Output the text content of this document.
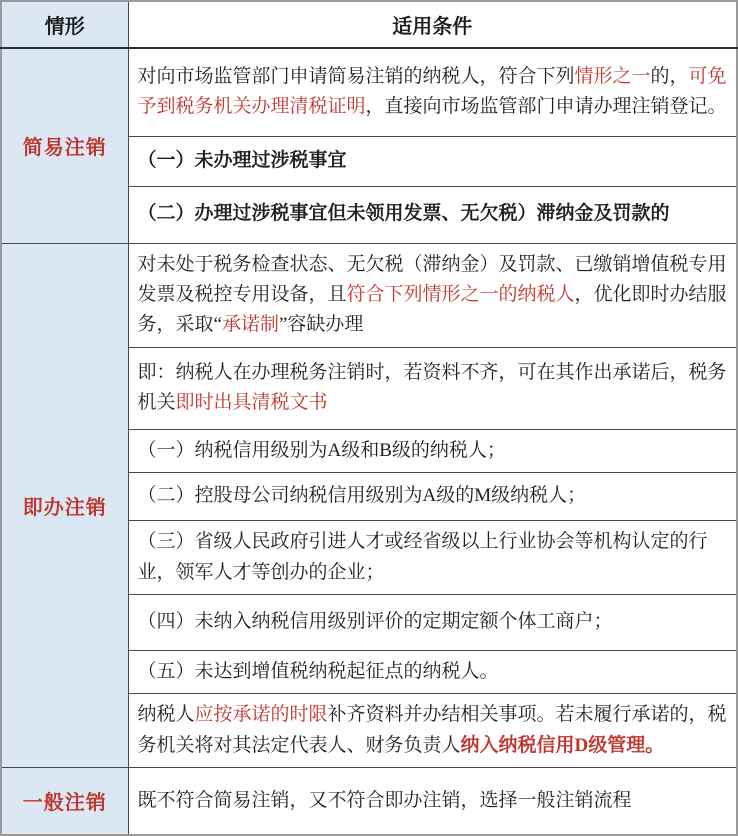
情形	适用条件
简易注销	对向市场监管部门申请简易注销的纳税人，符合下列情形之一的，可免予到税务机关办理清税证明，直接向市场监管部门申请办理注销登记。
	（一）未办理过涉税事宜
	（二）办理过涉税事宜但未领用发票、无欠税）滞纳金及罚款的
即办注销	对未处于税务检查状态、无欠税（滞纳金）及罚款、已缴销增值税专用发票及税控专用设备，且符合下列情形之一的纳税人，优化即时办结服务，采取“承诺制”容缺办理
	即：纳税人在办理税务注销时，若资料不齐，可在其作出承诺后，税务机关即时出具清税文书
	（一）纳税信用级别为A级和B级的纳税人；
	（二）控股母公司纳税信用级别为A级的M级纳税人；
	（三）省级人民政府引进人才或经省级以上行业协会等机构认定的行业，领军人才等创办的企业；
	（四）未纳入纳税信用级别评价的定期定额个体工商户；
	（五）未达到增值税纳税起征点的纳税人。
	纳税人应按承诺的时限补齐资料并办结相关事项。若未履行承诺的，税务机关将对其法定代表人、财务负责人纳入纳税信用D级管理。
一般注销	既不符合简易注销，又不符合即办注销，选择一般注销流程
